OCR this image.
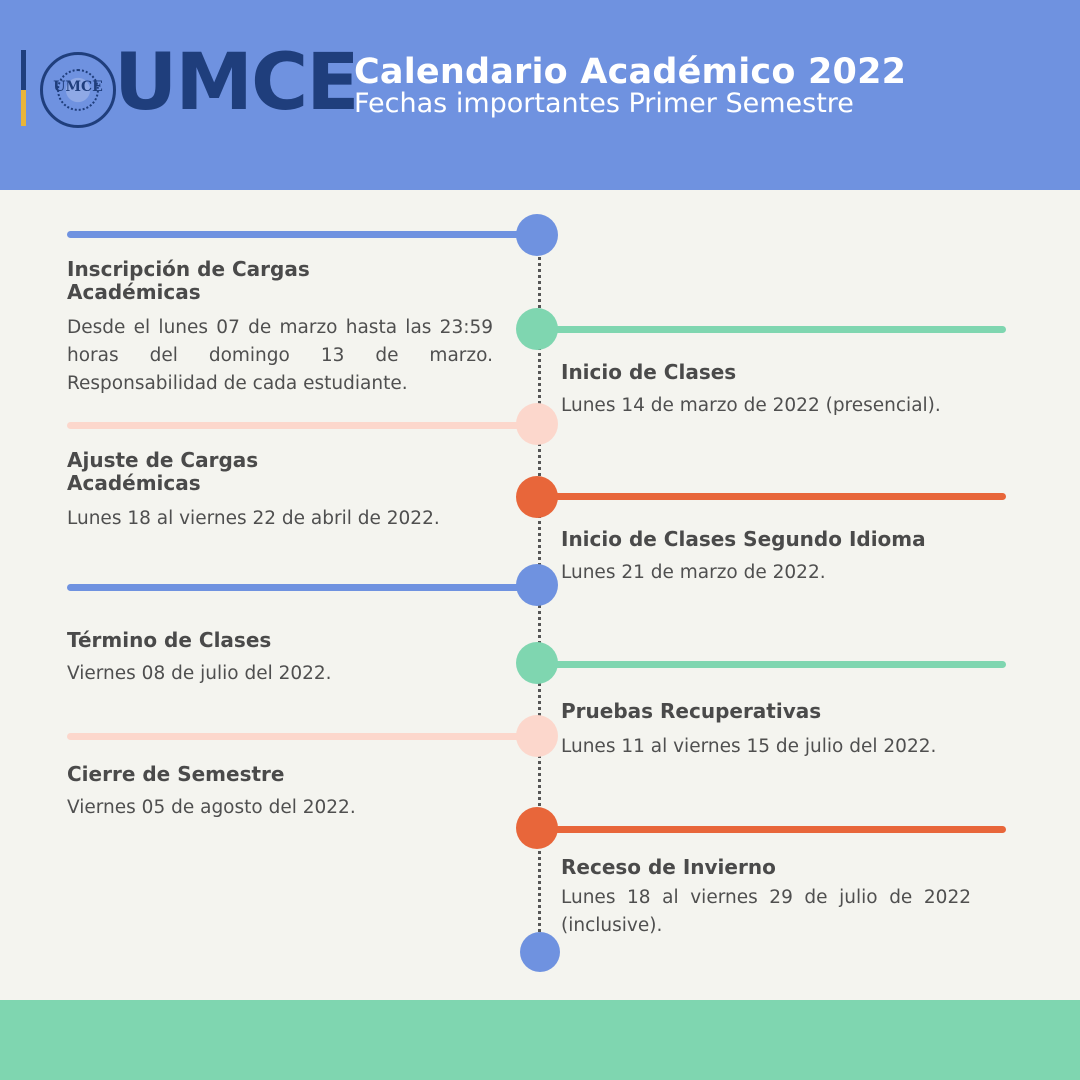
UMCE UMCE
Calendario Académico 2022
Fechas importantes Primer Semestre
Inscripción de Cargas Académicas
Desde el lunes 07 de marzo hasta las 23:59 horas del domingo 13 de marzo. Responsabilidad de cada estudiante.
Ajuste de Cargas Académicas
Lunes 18 al viernes 22 de abril de 2022.
Término de Clases
Viernes 08 de julio del 2022.
Cierre de Semestre
Viernes 05 de agosto del 2022.
Inicio de Clases
Lunes 14 de marzo de 2022 (presencial).
Inicio de Clases Segundo Idioma
Lunes 21 de marzo de 2022.
Pruebas Recuperativas
Lunes 11 al viernes 15 de julio del 2022.
Receso de Invierno
Lunes 18 al viernes 29 de julio de 2022 (inclusive).
